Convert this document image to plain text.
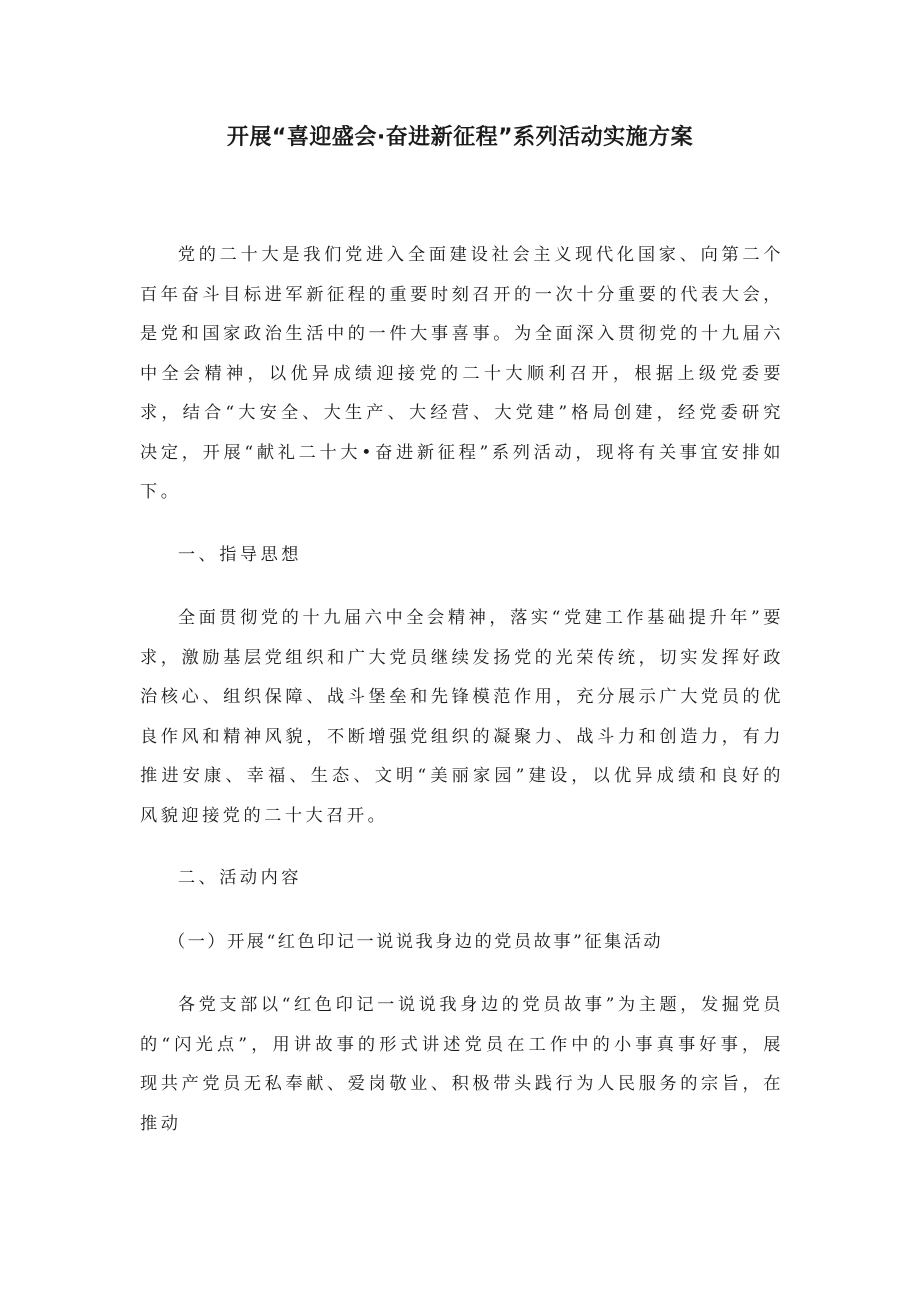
开展“喜迎盛会·奋进新征程”系列活动实施方案

党的二十大是我们党进入全面建设社会主义现代化国家、向第二个百年奋斗目标进军新征程的重要时刻召开的一次十分重要的代表大会，是党和国家政治生活中的一件大事喜事。为全面深入贯彻党的十九届六中全会精神，以优异成绩迎接党的二十大顺利召开，根据上级党委要求，结合“大安全、大生产、大经营、大党建”格局创建，经党委研究决定，开展“献礼二十大•奋进新征程”系列活动，现将有关事宜安排如下。

一、指导思想

全面贯彻党的十九届六中全会精神，落实“党建工作基础提升年”要求，激励基层党组织和广大党员继续发扬党的光荣传统，切实发挥好政治核心、组织保障、战斗堡垒和先锋模范作用，充分展示广大党员的优良作风和精神风貌，不断增强党组织的凝聚力、战斗力和创造力，有力推进安康、幸福、生态、文明“美丽家园”建设，以优异成绩和良好的风貌迎接党的二十大召开。

二、活动内容

（一）开展“红色印记一说说我身边的党员故事”征集活动

各党支部以“红色印记一说说我身边的党员故事”为主题，发掘党员的“闪光点”，用讲故事的形式讲述党员在工作中的小事真事好事，展现共产党员无私奉献、爱岗敬业、积极带头践行为人民服务的宗旨，在推动
